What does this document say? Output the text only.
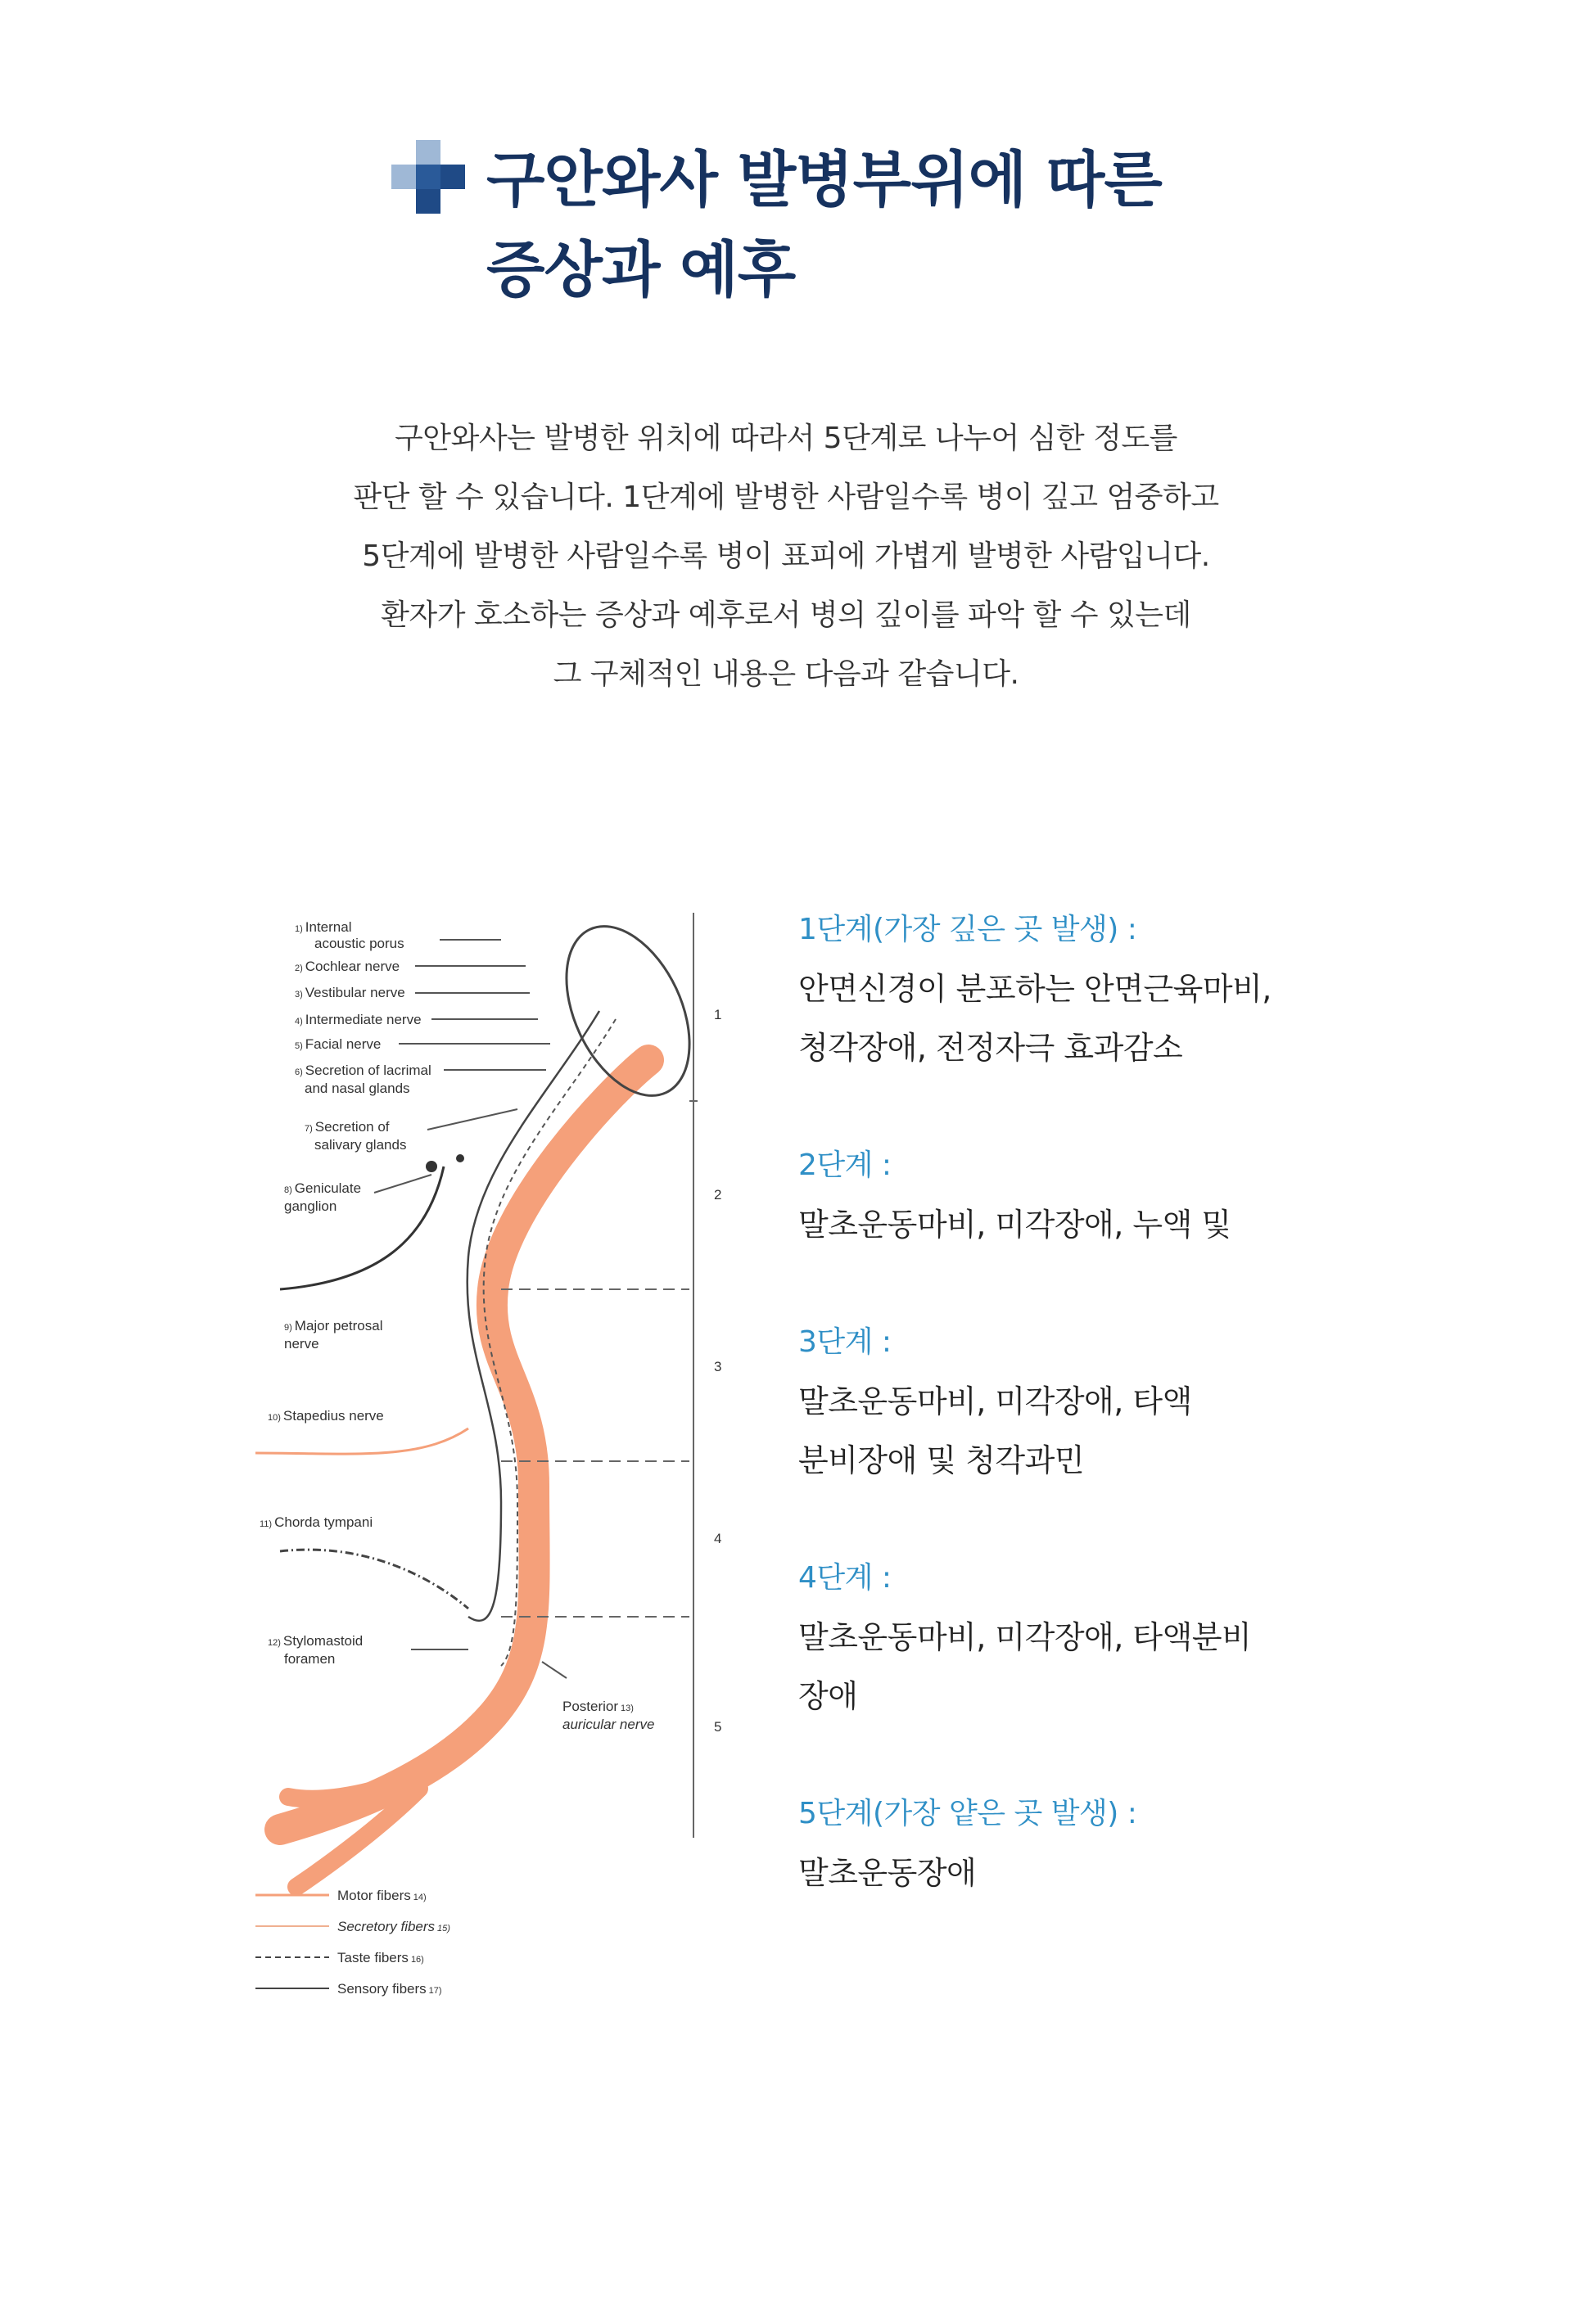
구안와사 발병부위에 따른
증상과 예후
구안와사는 발병한 위치에 따라서 5단계로 나누어 심한 정도를
판단 할 수 있습니다. 1단계에 발병한 사람일수록 병이 깊고 엄중하고
5단계에 발병한 사람일수록 병이 표피에 가볍게 발병한 사람입니다.
환자가 호소하는 증상과 예후로서 병의 깊이를 파악 할 수 있는데
그 구체적인 내용은 다음과 같습니다.
1
2
3
4
5
1) Internal
acoustic porus
2) Cochlear nerve
3) Vestibular nerve
4) Intermediate nerve
5) Facial nerve
6) Secretion of lacrimal
and nasal glands
7) Secretion of
salivary glands
8) Geniculate
ganglion
9) Major petrosal
nerve
10) Stapedius nerve
11) Chorda tympani
12) Stylomastoid
foramen
Posterior 13)
auricular nerve
Motor fibers 14)
Secretory fibers 15)
Taste fibers 16)
Sensory fibers 17)
1단계(가장 깊은 곳 발생) :
안면신경이 분포하는 안면근육마비,
청각장애, 전정자극 효과감소
2단계 :
말초운동마비, 미각장애, 누액 및
3단계 :
말초운동마비, 미각장애, 타액
분비장애 및 청각과민
4단계 :
말초운동마비, 미각장애, 타액분비
장애
5단계(가장 얕은 곳 발생) :
말초운동장애
